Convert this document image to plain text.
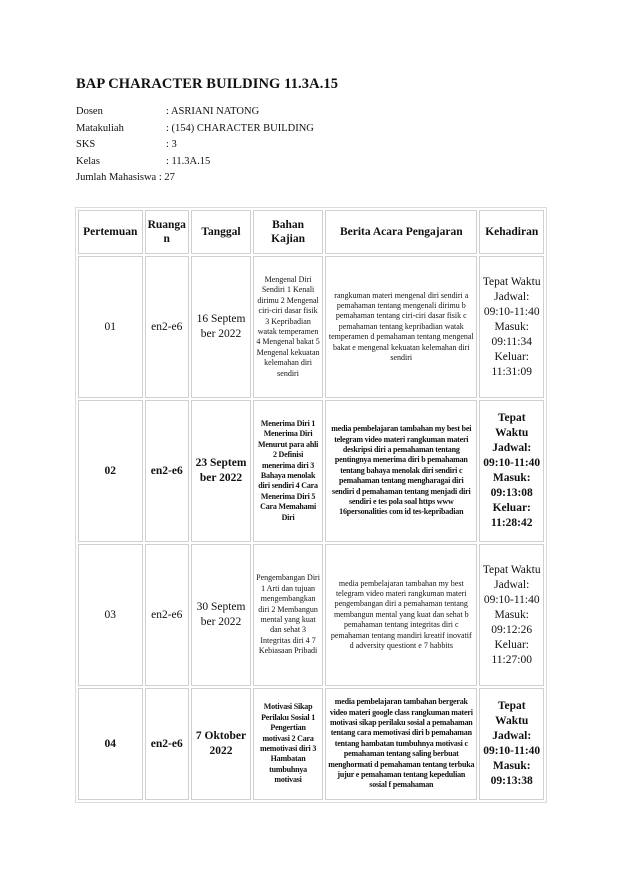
BAP CHARACTER BUILDING 11.3A.15
Dosen	: ASRIANI NATONG
Matakuliah	: (154) CHARACTER BUILDING
SKS	: 3
Kelas	: 11.3A.15
Jumlah Mahasiswa : 27
Pertemuan	Ruangan	Tanggal	Bahan Kajian	Berita Acara Pengajaran	Kehadiran
01	en2-e6	16 September 2022	Mengenal Diri Sendiri 1 Kenali dirimu 2 Mengenal ciri-ciri dasar fisik 3 Kepribadian watak temperamen 4 Mengenal bakat 5 Mengenal kekuatan kelemahan diri sendiri	rangkuman materi mengenal diri sendiri a pemahaman tentang mengenali dirimu b pemahaman tentang ciri-ciri dasar fisik c pemahaman tentang kepribadian watak temperamen d pemahaman tentang mengenal bakat e mengenal kekuatan kelemahan diri sendiri	Tepat Waktu Jadwal: 09:10-11:40 Masuk: 09:11:34 Keluar: 11:31:09
02	en2-e6	23 September 2022	Menerima Diri 1 Menerima Diri Menurut para ahli 2 Definisi menerima diri 3 Bahaya menolak diri sendiri 4 Cara Menerima Diri 5 Cara Memahami Diri	media pembelajaran tambahan my best bei telegram video materi rangkuman materi deskripsi diri a pemahaman tentang pentingnya menerima diri b pemahaman tentang bahaya menolak diri sendiri c pemahaman tentang mengharagai diri sendiri d pemahaman tentang menjadi diri sendiri e tes pola soal https www 16personalities com id tes-kepribadian	Tepat Waktu Jadwal: 09:10-11:40 Masuk: 09:13:08 Keluar: 11:28:42
03	en2-e6	30 September 2022	Pengembangan Diri 1 Arti dan tujuan mengembangkan diri 2 Membangun mental yang kuat dan sehat 3 Integritas diri 4 7 Kebiasaan Pribadi	media pembelajaran tambahan my best telegram video materi rangkuman materi pengembangan diri a pemahaman tentang membangun mental yang kuat dan sehat b pemahaman tentang integritas diri c pemahaman tentang mandiri kreatif inovatif d adversity questiont e 7 habbits	Tepat Waktu Jadwal: 09:10-11:40 Masuk: 09:12:26 Keluar: 11:27:00
04	en2-e6	7 Oktober 2022	Motivasi Sikap Perilaku Sosial 1 Pengertian motivasi 2 Cara memotivasi diri 3 Hambatan tumbuhnya motivasi	media pembelajaran tambahan bergerak video materi google class rangkuman materi motivasi sikap perilaku sosial a pemahaman tentang cara memotivasi diri b pemahaman tentang hambatan tumbuhnya motivasi c pemahaman tentang saling berbuat menghormati d pemahaman tentang terbuka jujur e pemahaman tentang kepedulian sosial f pemahaman	Tepat Waktu Jadwal: 09:10-11:40 Masuk: 09:13:38
